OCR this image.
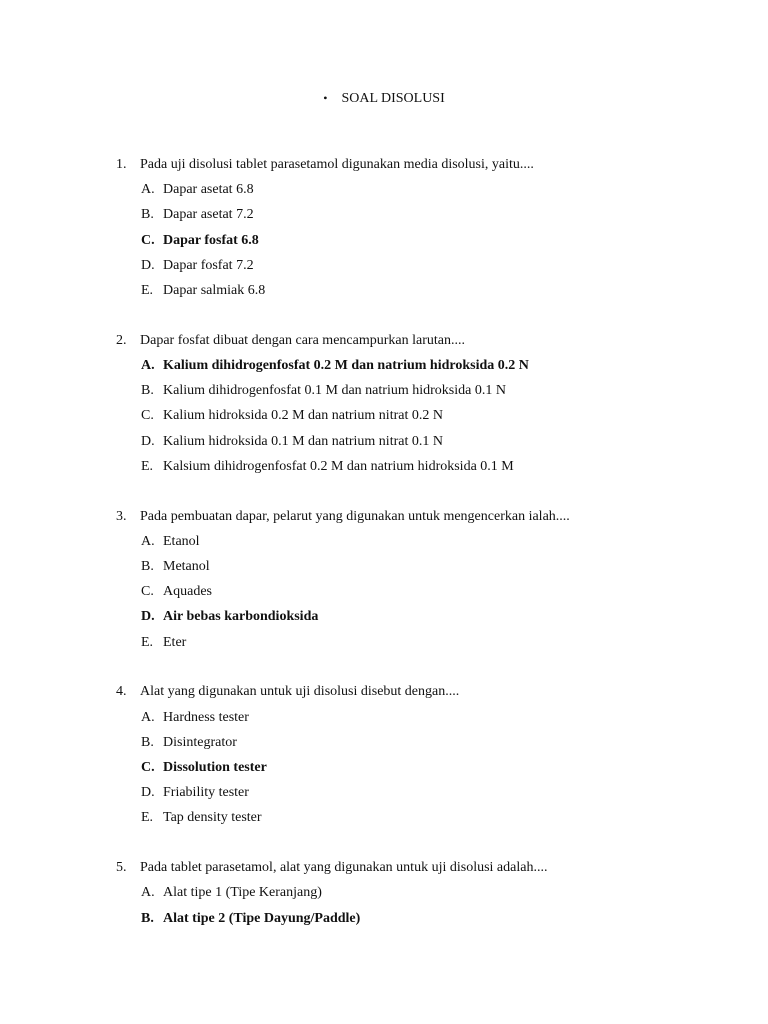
• SOAL DISOLUSI
1. Pada uji disolusi tablet parasetamol digunakan media disolusi, yaitu....
A. Dapar asetat 6.8
B. Dapar asetat 7.2
C. Dapar fosfat 6.8
D. Dapar fosfat 7.2
E. Dapar salmiak 6.8
2. Dapar fosfat dibuat dengan cara mencampurkan larutan....
A. Kalium dihidrogenfosfat 0.2 M dan natrium hidroksida 0.2 N
B. Kalium dihidrogenfosfat 0.1 M dan natrium hidroksida 0.1 N
C. Kalium hidroksida 0.2 M dan natrium nitrat 0.2 N
D. Kalium hidroksida 0.1 M dan natrium nitrat 0.1 N
E. Kalsium dihidrogenfosfat 0.2 M dan natrium hidroksida 0.1 M
3. Pada pembuatan dapar, pelarut yang digunakan untuk mengencerkan ialah....
A. Etanol
B. Metanol
C. Aquades
D. Air bebas karbondioksida
E. Eter
4. Alat yang digunakan untuk uji disolusi disebut dengan....
A. Hardness tester
B. Disintegrator
C. Dissolution tester
D. Friability tester
E. Tap density tester
5. Pada tablet parasetamol, alat yang digunakan untuk uji disolusi adalah....
A. Alat tipe 1 (Tipe Keranjang)
B. Alat tipe 2 (Tipe Dayung/Paddle)
